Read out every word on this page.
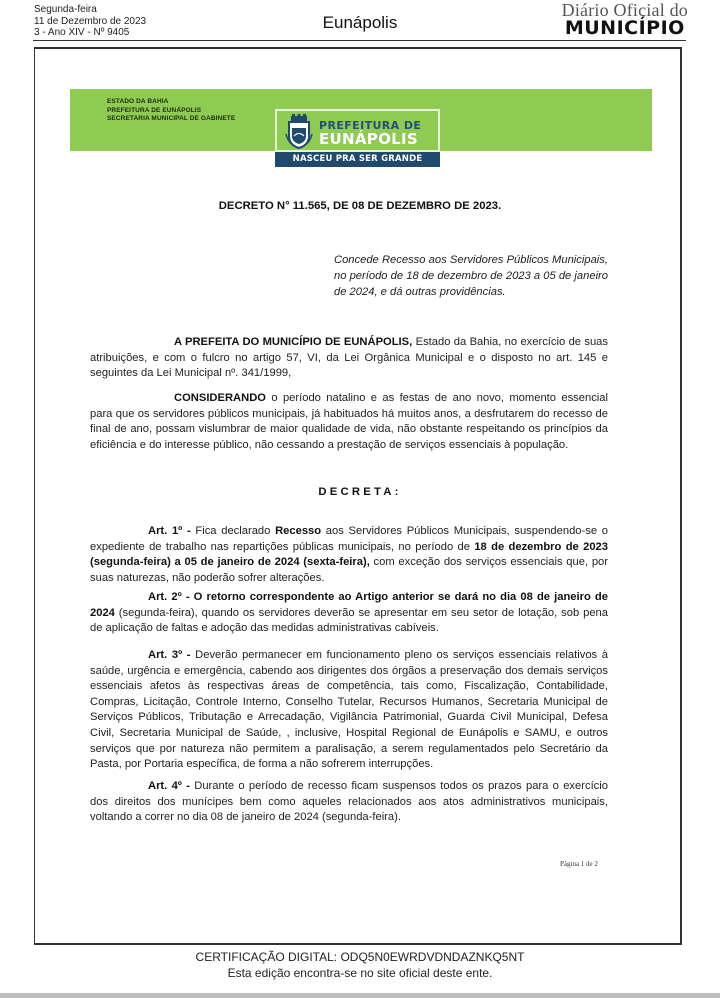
Segunda-feira
11 de Dezembro de 2023
3 - Ano XIV - Nº 9405
Eunápolis
Diário Oficial do
MUNICÍPIO
ESTADO DA BAHIA
PREFEITURA DE EUNÁPOLIS
SECRETARIA MUNICIPAL DE GABINETE
PREFEITURA DE
EUNÁPOLIS
NASCEU PRA SER GRANDE
DECRETO N° 11.565, DE 08 DE DEZEMBRO DE 2023.
Concede Recesso aos Servidores Públicos Municipais, no período de 18 de dezembro de 2023 a 05 de janeiro de 2024, e dá outras providências.
A PREFEITA DO MUNICÍPIO DE EUNÁPOLIS, Estado da Bahia, no exercício de suas atribuições, e com o fulcro no artigo 57, VI, da Lei Orgânica Municipal e o disposto no art. 145 e seguintes da Lei Municipal nº. 341/1999,
CONSIDERANDO o período natalino e as festas de ano novo, momento essencial para que os servidores públicos municipais, já habituados há muitos anos, a desfrutarem do recesso de final de ano, possam vislumbrar de maior qualidade de vida, não obstante respeitando os princípios da eficiência e do interesse público, não cessando a prestação de serviços essenciais à população.
DECRETA:
Art. 1º - Fica declarado Recesso aos Servidores Públicos Municipais, suspendendo-se o expediente de trabalho nas repartições públicas municipais, no período de 18 de dezembro de 2023 (segunda-feira) a 05 de janeiro de 2024 (sexta-feira), com exceção dos serviços essenciais que, por suas naturezas, não poderão sofrer alterações.
Art. 2º - O retorno correspondente ao Artigo anterior se dará no dia 08 de janeiro de 2024 (segunda-feira), quando os servidores deverão se apresentar em seu setor de lotação, sob pena de aplicação de faltas e adoção das medidas administrativas cabíveis.
Art. 3º - Deverão permanecer em funcionamento pleno os serviços essenciais relativos à saúde, urgência e emergência, cabendo aos dirigentes dos órgãos a preservação dos demais serviços essenciais afetos às respectivas áreas de competência, tais como, Fiscalização, Contabilidade, Compras, Licitação, Controle Interno, Conselho Tutelar, Recursos Humanos, Secretaria Municipal de Serviços Públicos, Tributação e Arrecadação, Vigilância Patrimonial, Guarda Civil Municipal, Defesa Civil, Secretaria Municipal de Saúde, , inclusive, Hospital Regional de Eunápolis e SAMU, e outros serviços que por natureza não permitem a paralisação, a serem regulamentados pelo Secretário da Pasta, por Portaria específica, de forma a não sofrerem interrupções.
Art. 4º - Durante o período de recesso ficam suspensos todos os prazos para o exercício dos direitos dos munícipes bem como aqueles relacionados aos atos administrativos municipais, voltando a correr no dia 08 de janeiro de 2024 (segunda-feira).
Página 1 de 2
CERTIFICAÇÃO DIGITAL: ODQ5N0EWRDVDNDAZNKQ5NT
Esta edição encontra-se no site oficial deste ente.
